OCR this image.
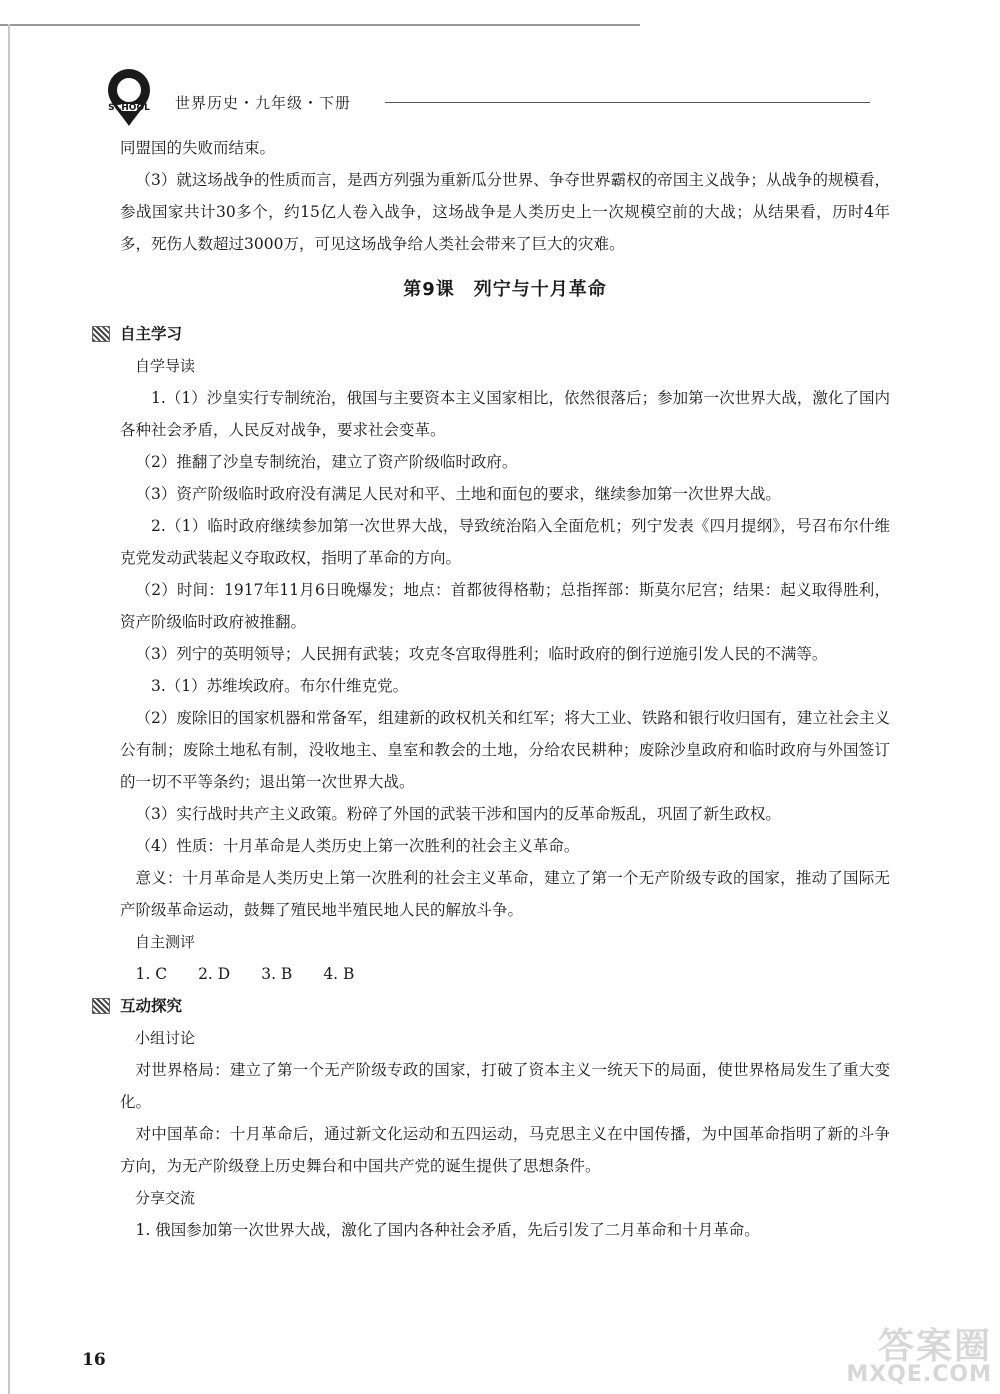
SCHOOL 世界历史・九年级・下册

同盟国的失败而结束。

（3）就这场战争的性质而言，是西方列强为重新瓜分世界、争夺世界霸权的帝国主义战争；从战争的规模看，参战国家共计30多个，约15亿人卷入战争，这场战争是人类历史上一次规模空前的大战；从结果看，历时4年多，死伤人数超过3000万，可见这场战争给人类社会带来了巨大的灾难。

第9课　列宁与十月革命
自主学习
自学导读

1.（1）沙皇实行专制统治，俄国与主要资本主义国家相比，依然很落后；参加第一次世界大战，激化了国内各种社会矛盾，人民反对战争，要求社会变革。

（2）推翻了沙皇专制统治，建立了资产阶级临时政府。

（3）资产阶级临时政府没有满足人民对和平、土地和面包的要求，继续参加第一次世界大战。

2.（1）临时政府继续参加第一次世界大战，导致统治陷入全面危机；列宁发表《四月提纲》，号召布尔什维克党发动武装起义夺取政权，指明了革命的方向。

（2）时间：1917年11月6日晚爆发；地点：首都彼得格勒；总指挥部：斯莫尔尼宫；结果：起义取得胜利，资产阶级临时政府被推翻。

（3）列宁的英明领导；人民拥有武装；攻克冬宫取得胜利；临时政府的倒行逆施引发人民的不满等。

3.（1）苏维埃政府。布尔什维克党。

（2）废除旧的国家机器和常备军，组建新的政权机关和红军；将大工业、铁路和银行收归国有，建立社会主义公有制；废除土地私有制，没收地主、皇室和教会的土地，分给农民耕种；废除沙皇政府和临时政府与外国签订的一切不平等条约；退出第一次世界大战。

（3）实行战时共产主义政策。粉碎了外国的武装干涉和国内的反革命叛乱，巩固了新生政权。

（4）性质：十月革命是人类历史上第一次胜利的社会主义革命。

意义：十月革命是人类历史上第一次胜利的社会主义革命，建立了第一个无产阶级专政的国家，推动了国际无产阶级革命运动，鼓舞了殖民地半殖民地人民的解放斗争。

自主测评

1. C　　2. D　　3. B　　4. B

互动探究
小组讨论

对世界格局：建立了第一个无产阶级专政的国家，打破了资本主义一统天下的局面，使世界格局发生了重大变化。

对中国革命：十月革命后，通过新文化运动和五四运动，马克思主义在中国传播，为中国革命指明了新的斗争方向，为无产阶级登上历史舞台和中国共产党的诞生提供了思想条件。

分享交流

1. 俄国参加第一次世界大战，激化了国内各种社会矛盾，先后引发了二月革命和十月革命。

16	答案圈
MXQE.COM
